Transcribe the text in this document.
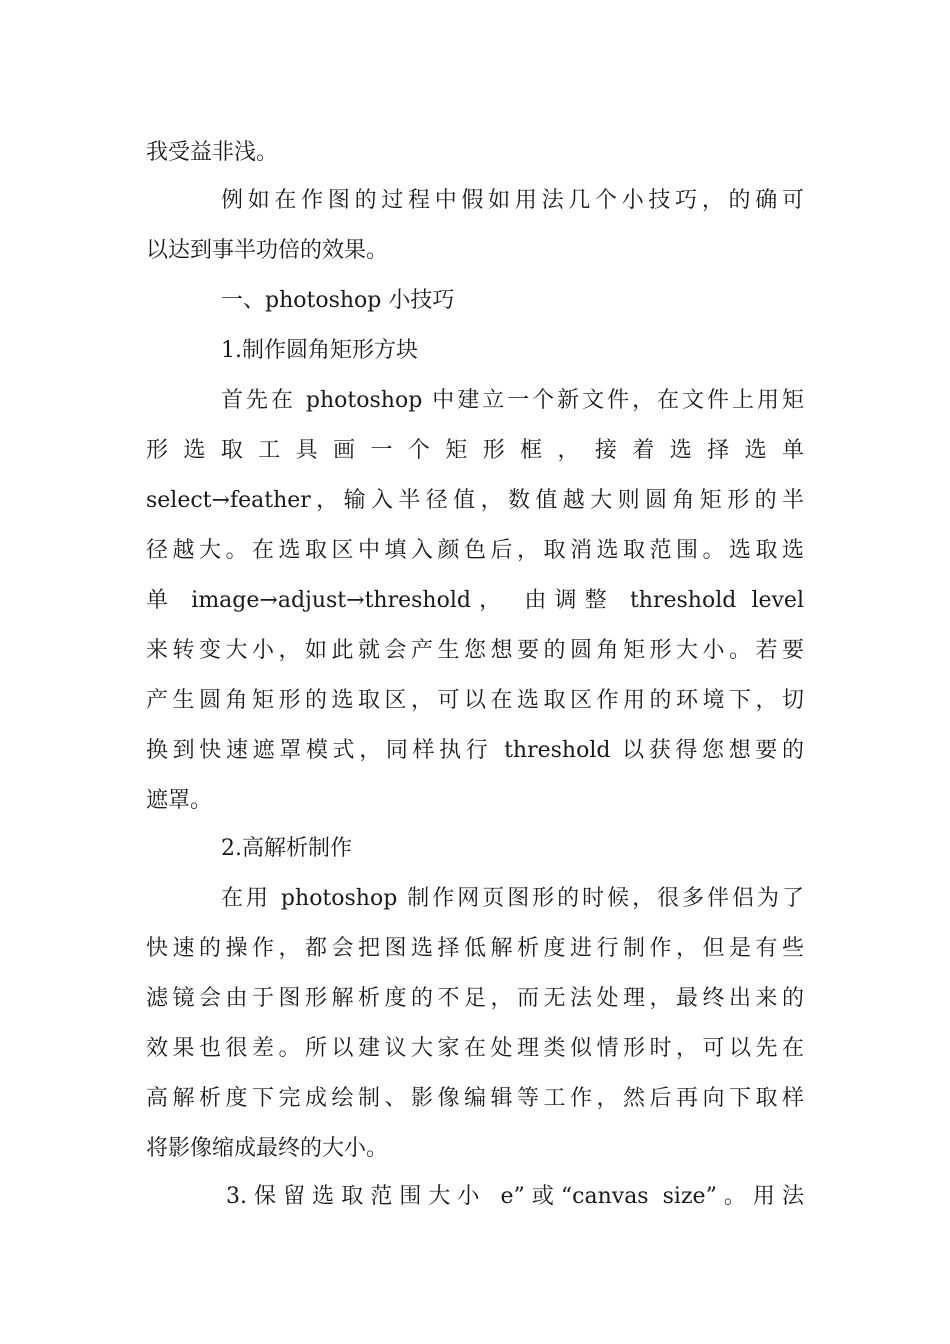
我受益非浅。
例如在作图的过程中假如用法几个小技巧，的确可
以达到事半功倍的效果。
一、photoshop 小技巧
1.制作圆角矩形方块
首先在 photoshop 中建立一个新文件，在文件上用矩
形 选 取 工 具 画 一 个 矩 形 框 ， 接 着 选 择 选 单
select→feather，输入半径值，数值越大则圆角矩形的半
径越大。在选取区中填入颜色后，取消选取范围。选取选
单 image→adjust→threshold， 由调整 threshold level
来转变大小，如此就会产生您想要的圆角矩形大小。若要
产生圆角矩形的选取区，可以在选取区作用的环境下，切
换到快速遮罩模式，同样执行 threshold 以获得您想要的
遮罩。
2.高解析制作
在用 photoshop 制作网页图形的时候，很多伴侣为了
快速的操作，都会把图选择低解析度进行制作，但是有些
滤镜会由于图形解析度的不足，而无法处理，最终出来的
效果也很差。所以建议大家在处理类似情形时，可以先在
高解析度下完成绘制、影像编辑等工作，然后再向下取样
将影像缩成最终的大小。
3.保留选取范围大小 e”或“canvas size”。用法
